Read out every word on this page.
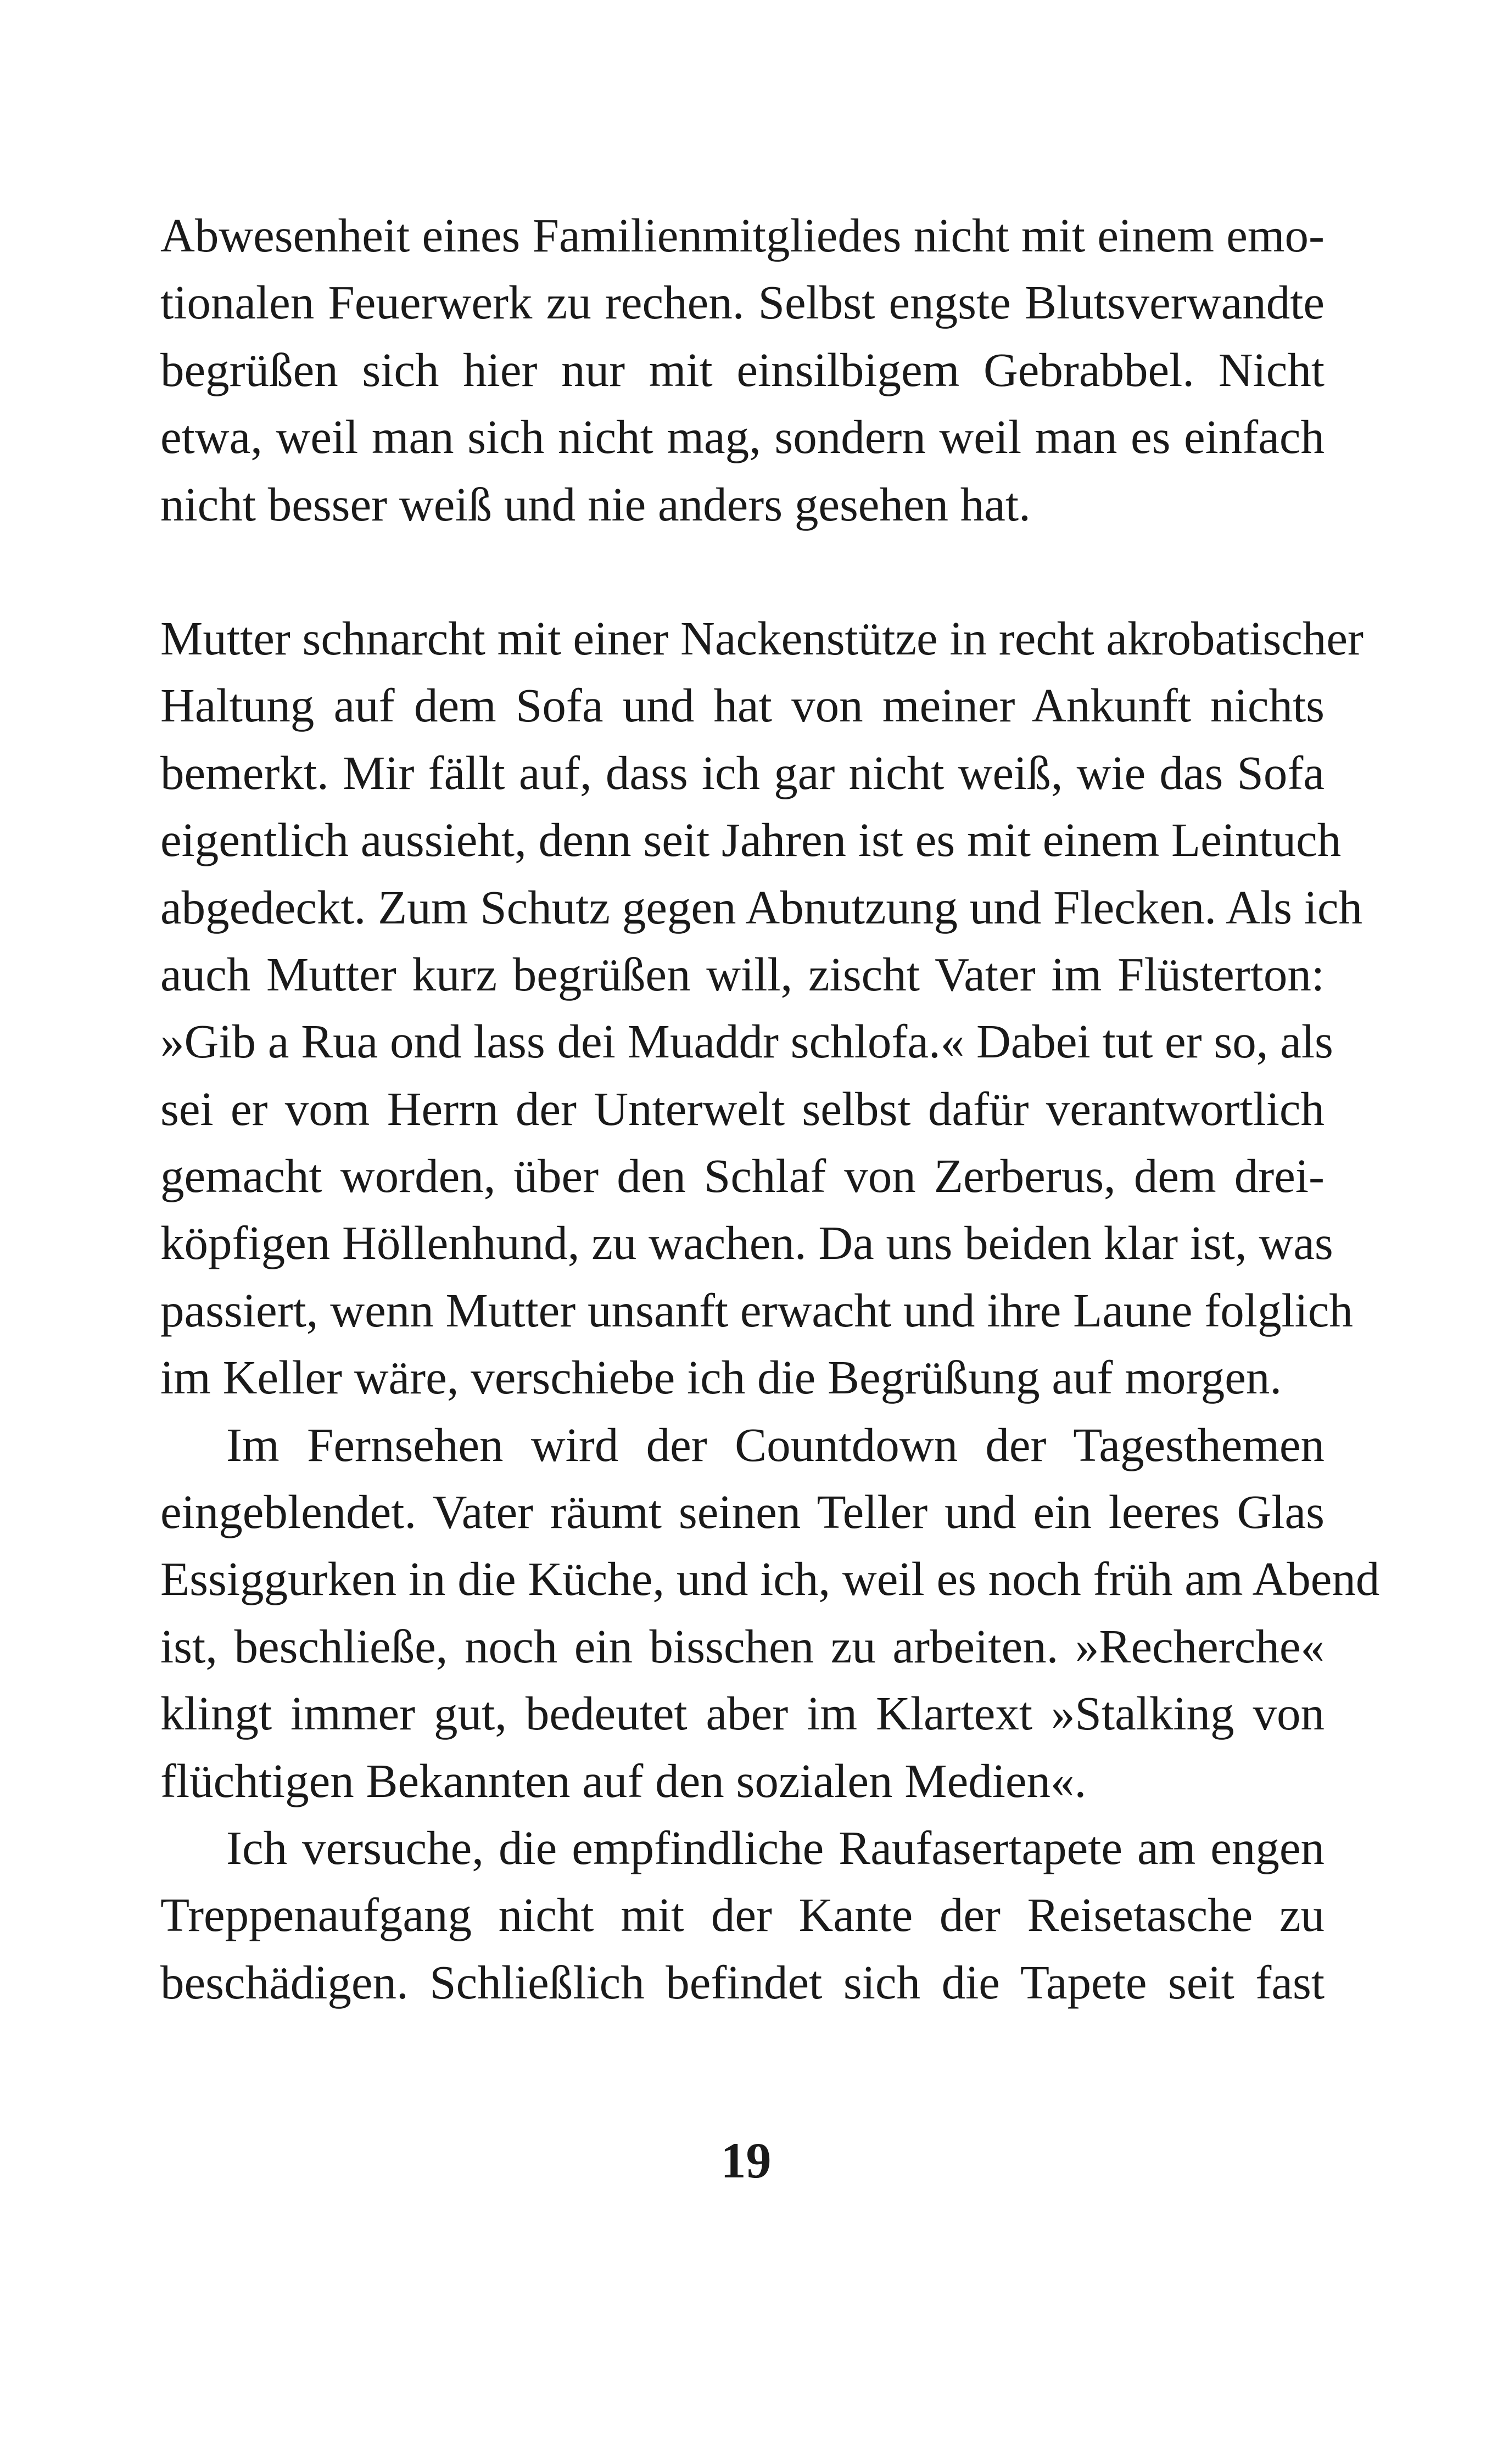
Abwesenheit eines Familienmitgliedes nicht mit einem emo-
tionalen Feuerwerk zu rechen. Selbst engste Blutsverwandte
begrüßen sich hier nur mit einsilbigem Gebrabbel. Nicht
etwa, weil man sich nicht mag, sondern weil man es einfach
nicht besser weiß und nie anders gesehen hat.
Mutter schnarcht mit einer Nackenstütze in recht akrobatischer
Haltung auf dem Sofa und hat von meiner Ankunft nichts
bemerkt. Mir fällt auf, dass ich gar nicht weiß, wie das Sofa
eigentlich aussieht, denn seit Jahren ist es mit einem Leintuch
abgedeckt. Zum Schutz gegen Abnutzung und Flecken. Als ich
auch Mutter kurz begrüßen will, zischt Vater im Flüsterton:
»Gib a Rua ond lass dei Muaddr schlofa.« Dabei tut er so, als
sei er vom Herrn der Unterwelt selbst dafür verantwortlich
gemacht worden, über den Schlaf von Zerberus, dem drei-
köpfigen Höllenhund, zu wachen. Da uns beiden klar ist, was
passiert, wenn Mutter unsanft erwacht und ihre Laune folglich
im Keller wäre, verschiebe ich die Begrüßung auf morgen.
Im Fernsehen wird der Countdown der Tagesthemen
eingeblendet. Vater räumt seinen Teller und ein leeres Glas
Essiggurken in die Küche, und ich, weil es noch früh am Abend
ist, beschließe, noch ein bisschen zu arbeiten. »Recherche«
klingt immer gut, bedeutet aber im Klartext »Stalking von
flüchtigen Bekannten auf den sozialen Medien«.
Ich versuche, die empfindliche Raufasertapete am engen
Treppenaufgang nicht mit der Kante der Reisetasche zu
beschädigen. Schließlich befindet sich die Tapete seit fast
19
